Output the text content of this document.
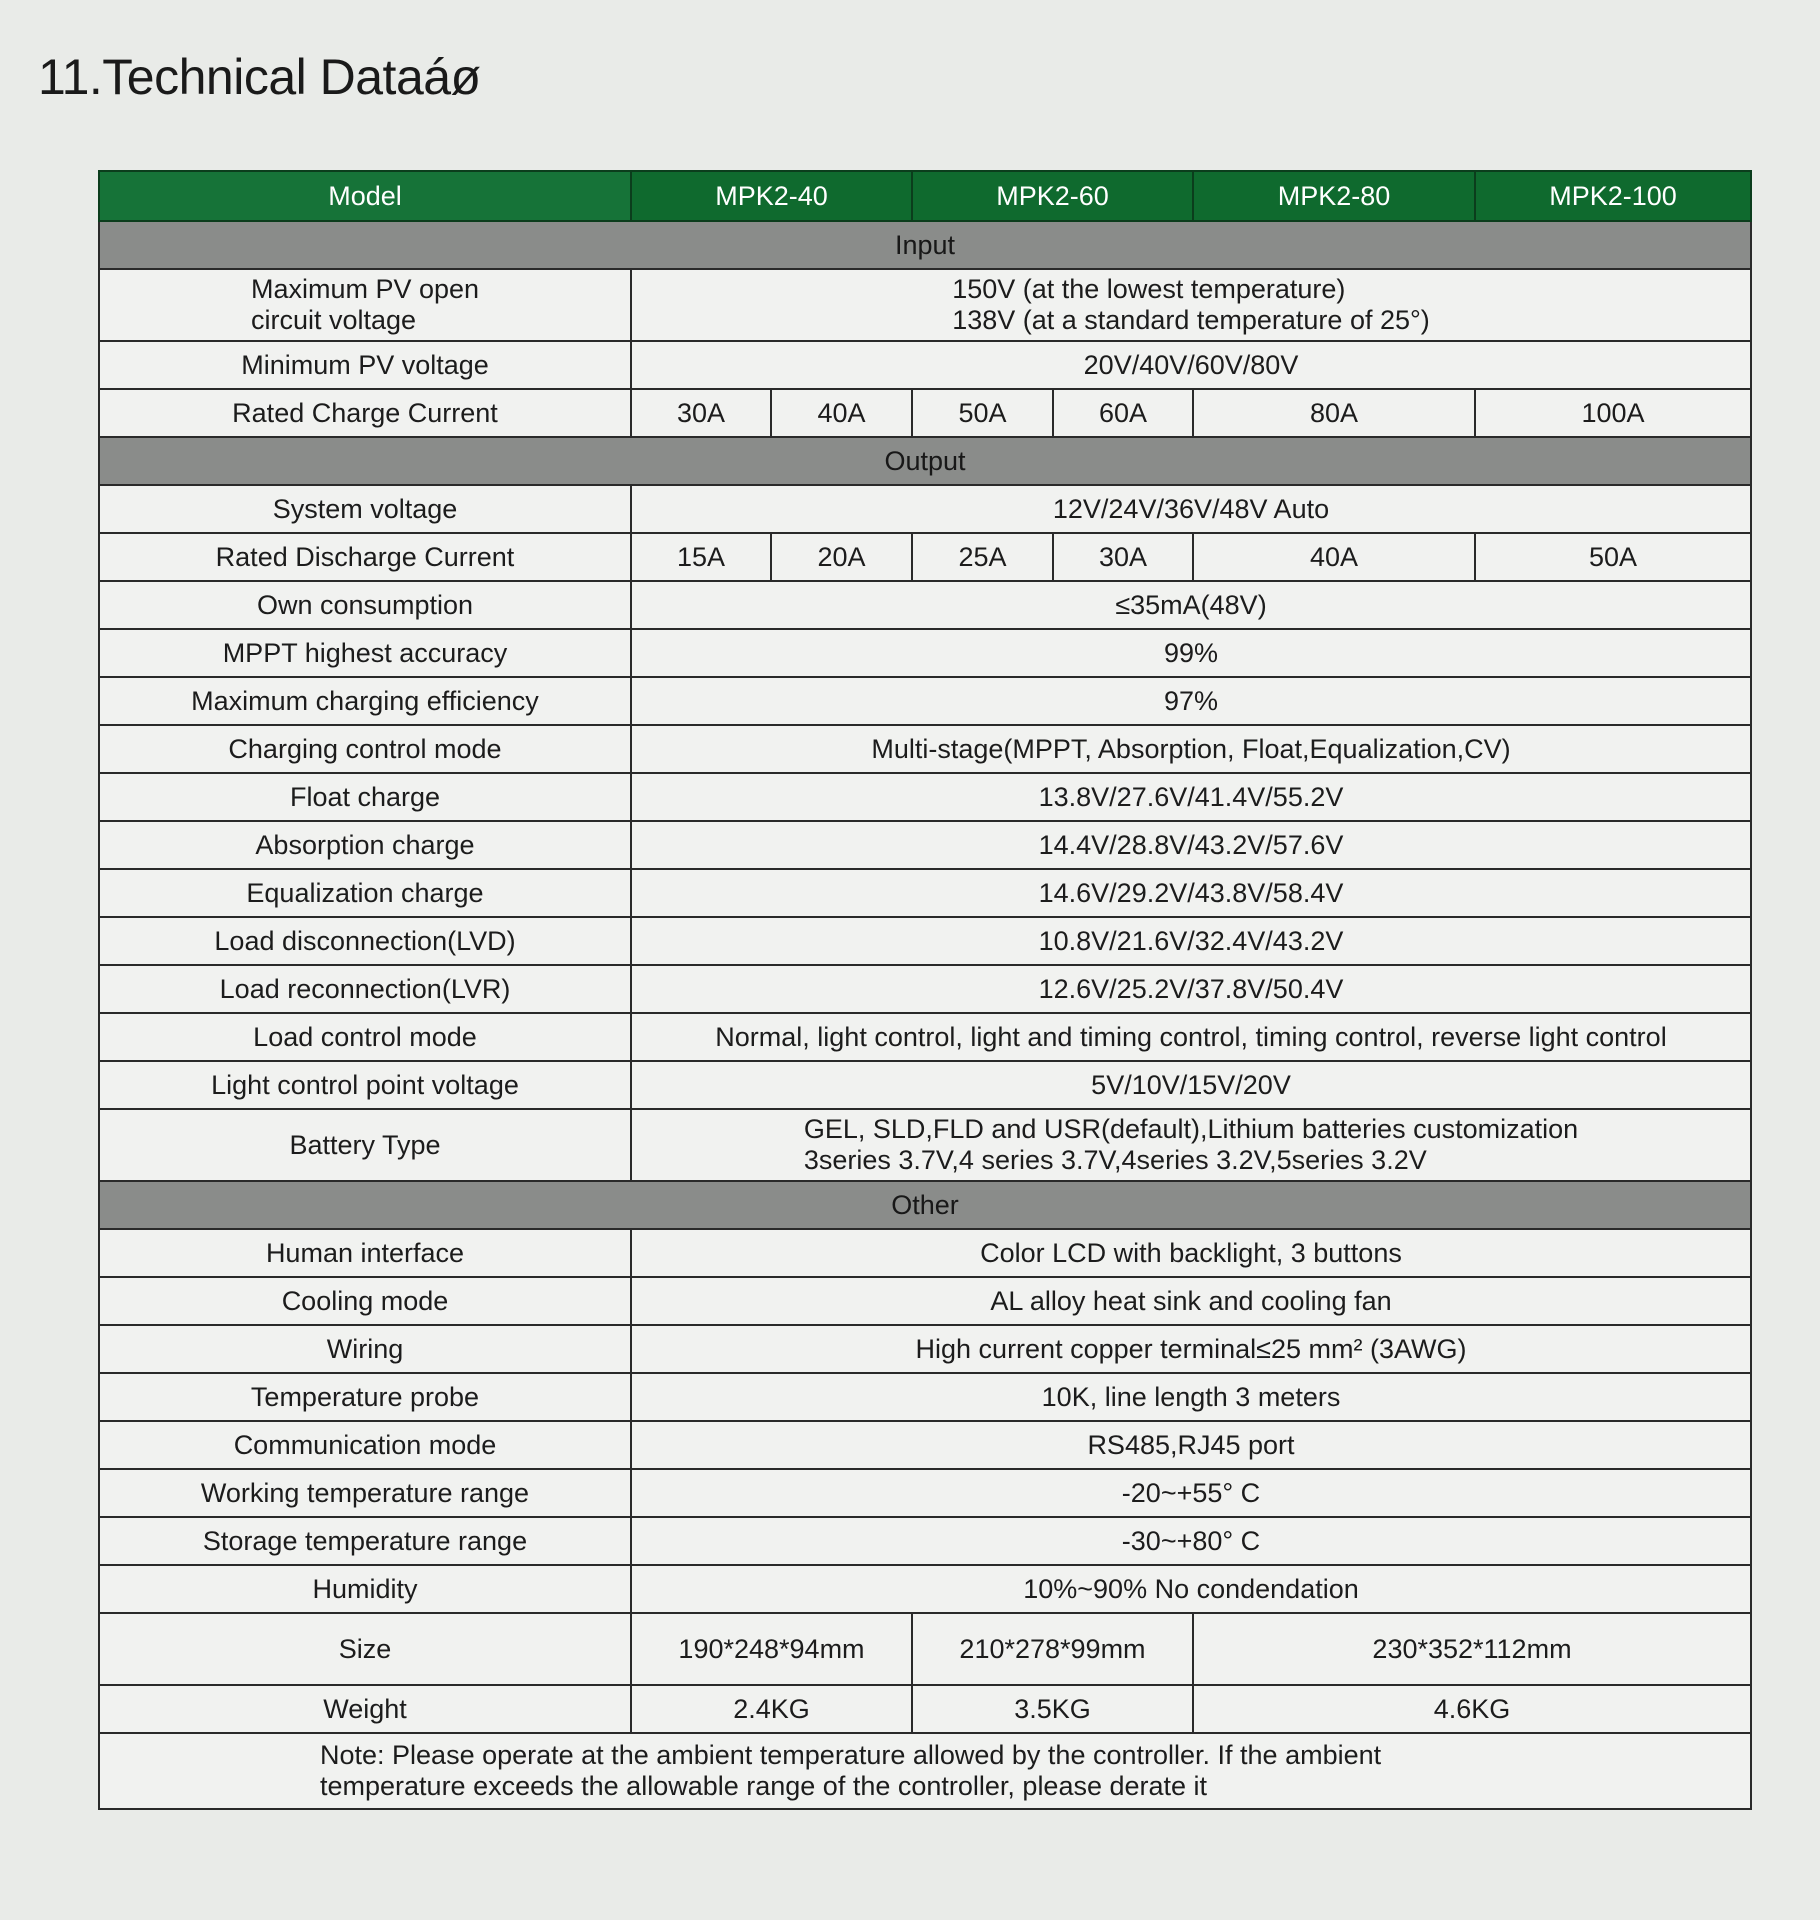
11.Technical Dataáø
Model	MPK2-40		MPK2-60		MPK2-80	MPK2-100
Input						

Maximum PV open
circuit voltage	150V (at the lowest temperature)
138V (at a standard temperature of 25°)					

Minimum PV voltage	20V/40V/60V/80V					
Rated Charge Current	30A	40A	50A	60A	80A	100A
Output						
System voltage	12V/24V/36V/48V Auto					
Rated Discharge Current	15A	20A	25A	30A	40A	50A
Own consumption	≤35mA(48V)					
MPPT highest accuracy	99%					
Maximum charging efficiency	97%					
Charging control mode	Multi-stage(MPPT, Absorption, Float,Equalization,CV)					
Float charge	13.8V/27.6V/41.4V/55.2V					
Absorption charge	14.4V/28.8V/43.2V/57.6V					
Equalization charge	14.6V/29.2V/43.8V/58.4V					
Load disconnection(LVD)	10.8V/21.6V/32.4V/43.2V					
Load reconnection(LVR)	12.6V/25.2V/37.8V/50.4V					
Load control mode	Normal, light control, light and timing control, timing control, reverse light control					
Light control point voltage	5V/10V/15V/20V					
Battery Type	GEL, SLD,FLD and USR(default),Lithium batteries customization
3series 3.7V,4 series 3.7V,4series 3.2V,5series 3.2V					

Other						
Human interface	Color LCD with backlight, 3 buttons					
Cooling mode	AL alloy heat sink and cooling fan					
Wiring	High current copper terminal≤25 mm² (3AWG)					
Temperature probe	10K, line length 3 meters					
Communication mode	RS485,RJ45 port					
Working temperature range	-20~+55° C					
Storage temperature range	-30~+80° C					
Humidity	10%~90% No condendation					
Size	190*248*94mm		210*278*99mm		230*352*112mm	
Weight	2.4KG		3.5KG		4.6KG	

Note: Please operate at the ambient temperature allowed by the controller. If the ambient
temperature exceeds the allowable range of the controller, please derate it						
